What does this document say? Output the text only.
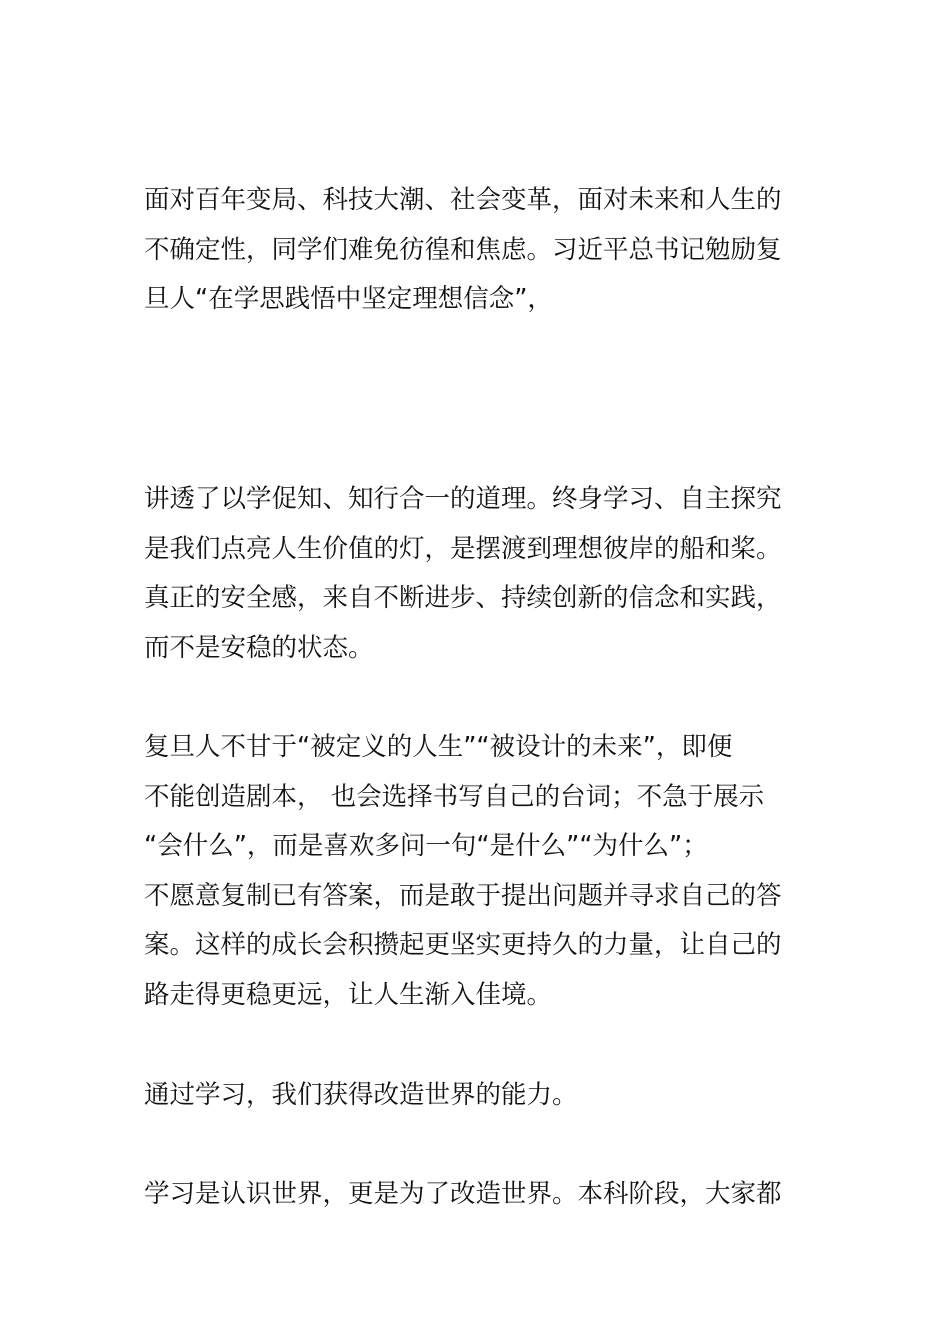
面对百年变局、科技大潮、社会变革，面对未来和人生的
不确定性，同学们难免彷徨和焦虑。习近平总书记勉励复
旦人“在学思践悟中坚定理想信念”，
讲透了以学促知、知行合一的道理。终身学习、自主探究
是我们点亮人生价值的灯，是摆渡到理想彼岸的船和桨。
真正的安全感，来自不断进步、持续创新的信念和实践，
而不是安稳的状态。
复旦人不甘于“被定义的人生”“被设计的未来”，即便
不能创造剧本， 也会选择书写自己的台词；不急于展示
“会什么”，而是喜欢多问一句“是什么”“为什么”；
不愿意复制已有答案，而是敢于提出问题并寻求自己的答
案。这样的成长会积攒起更坚实更持久的力量，让自己的
路走得更稳更远，让人生渐入佳境。
通过学习，我们获得改造世界的能力。
学习是认识世界，更是为了改造世界。本科阶段，大家都
